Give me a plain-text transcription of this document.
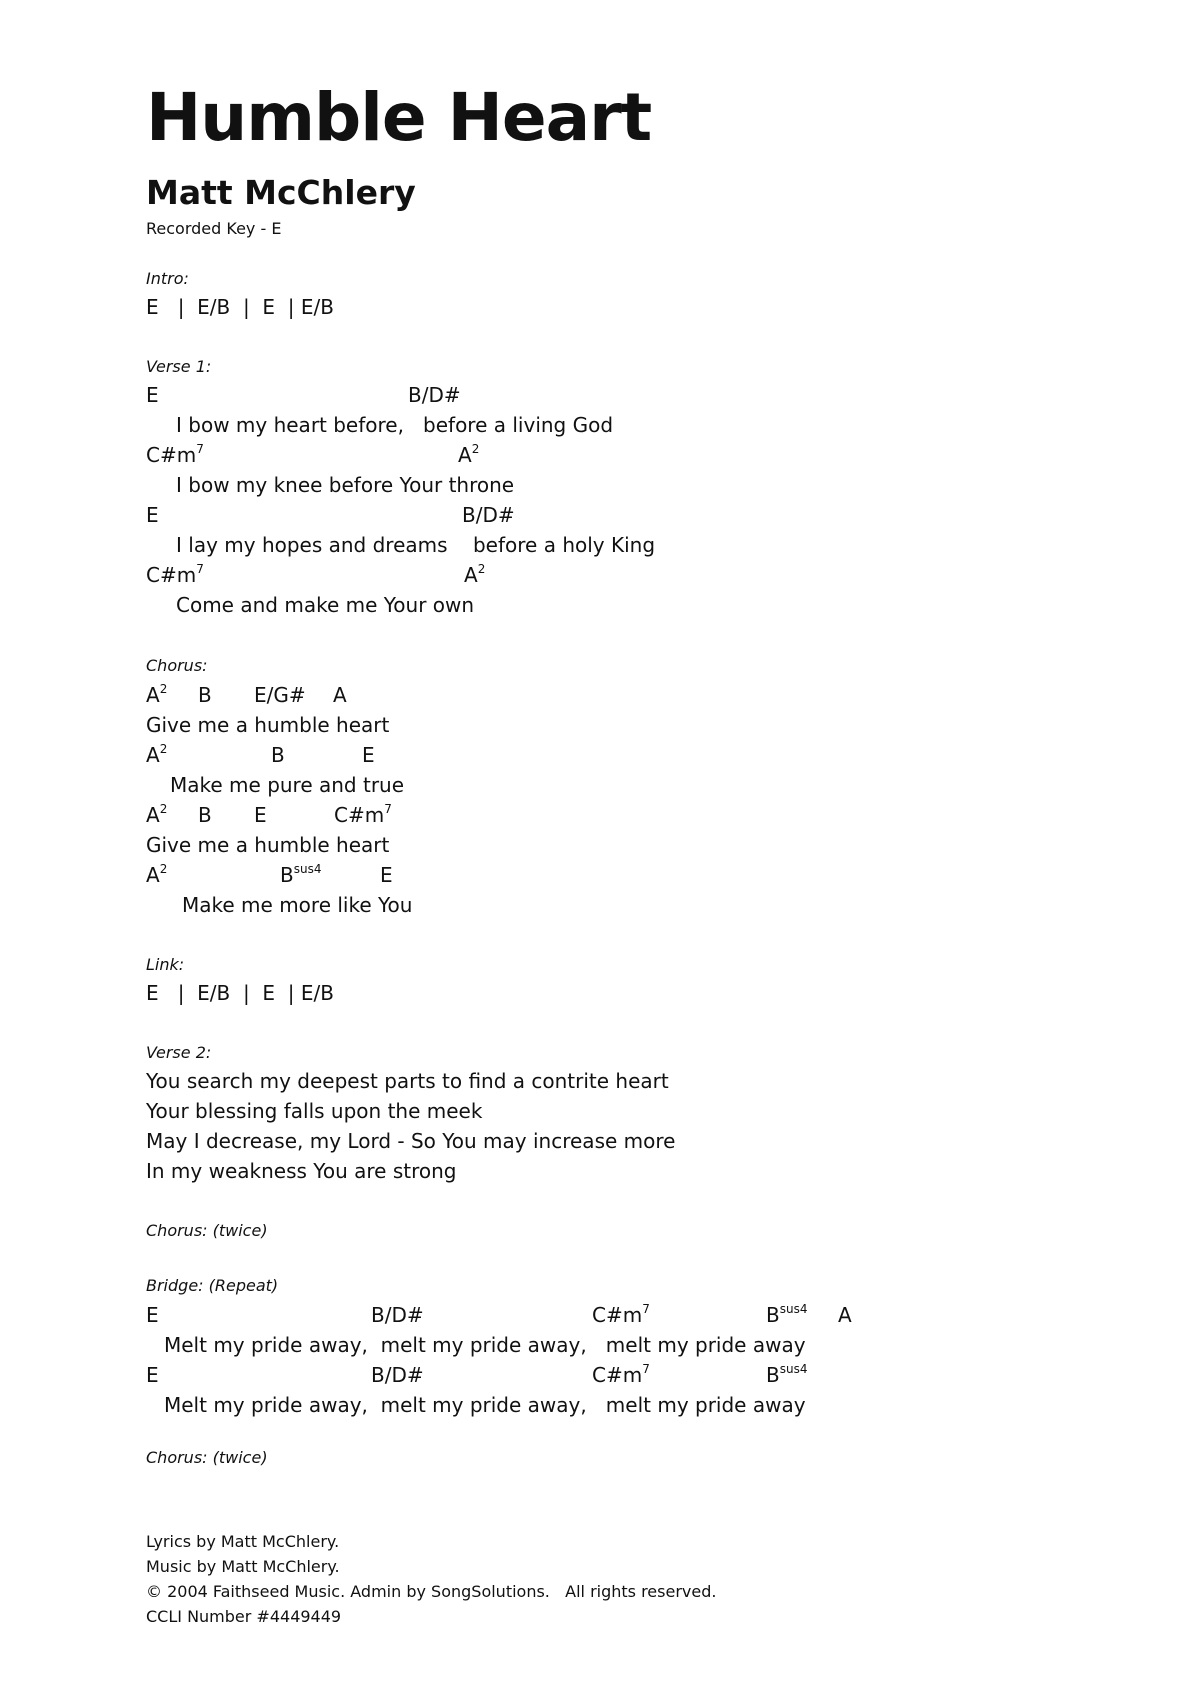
Humble Heart
Matt McChlery
Recorded Key - E
Intro:
E   |  E/B  |  E  | E/B
Verse 1:
E	B/D#
I bow my heart before,   before a living God
$C\#m^7$	$A^2$
I bow my knee before Your throne
E	B/D#
I lay my hopes and dreams    before a holy King
$C\#m^7$	$A^2$
Come and make me Your own
Chorus:
$A^2$ B E/G# A
Give me a humble heart
$A^2$	B	E
Make me pure and true
$A^2$ B E	$C\#m^7$
Give me a humble heart
$A^2$	$B^{sus4}$	E
Make me more like You
Link:
E   |  E/B  |  E  | E/B
Verse 2:
You search my deepest parts to find a contrite heart
Your blessing falls upon the meek
May I decrease, my Lord - So You may increase more
In my weakness You are strong
Chorus: (twice)
Bridge: (Repeat)
E	B/D#	$C\#m^7$	$B^{sus4}$ A
Melt my pride away,  melt my pride away,   melt my pride away
E	B/D#	$C\#m^7$	$B^{sus4}$
Melt my pride away,  melt my pride away,   melt my pride away
Chorus: (twice)
Lyrics by Matt McChlery.
Music by Matt McChlery.
© 2004 Faithseed Music. Admin by SongSolutions.   All rights reserved.
CCLI Number #4449449
